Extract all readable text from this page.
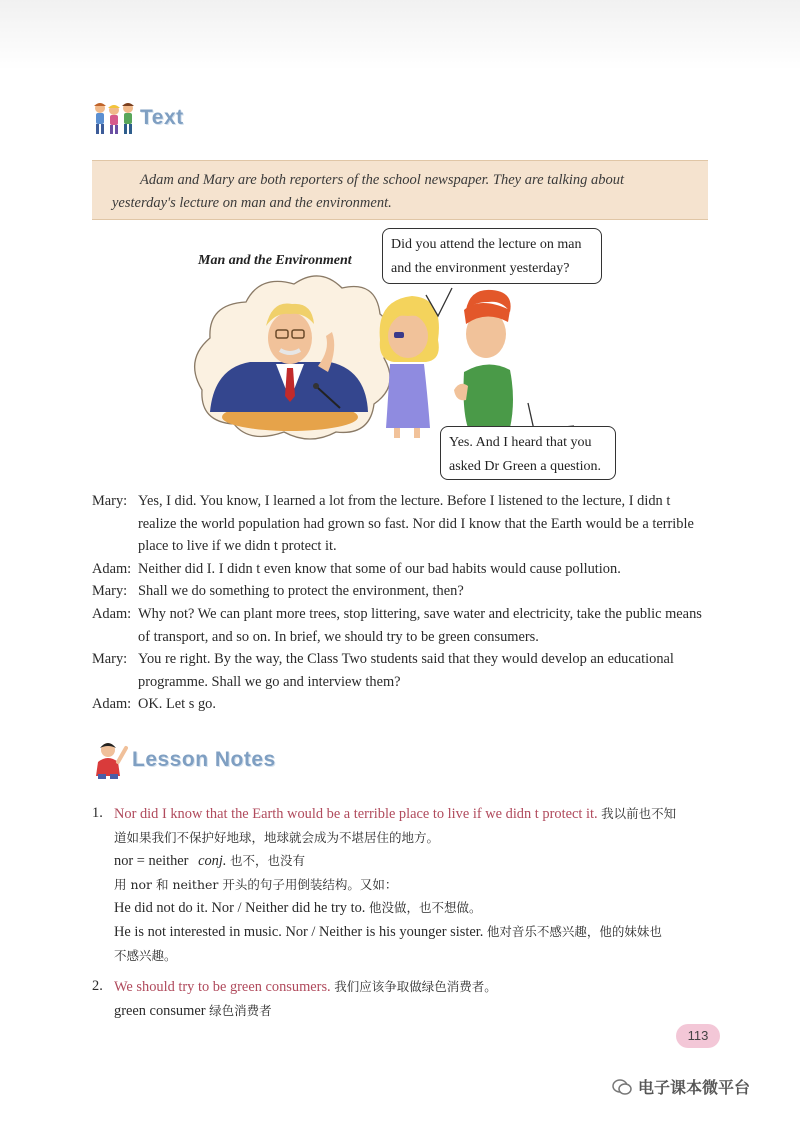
Text

Adam and Mary are both reporters of the school newspaper. They are talking about yesterday's lecture on man and the environment.

Man and the Environment
Did you attend the lecture on man
and the environment yesterday?
Yes. And I heard that you
asked Dr Green a question.
Mary: Yes, I did. You know, I learned a lot from the lecture. Before I listened to the lecture, I didn t
realize the world population had grown so fast. Nor did I know that the Earth would be a terrible
place to live if we didn t protect it.
Adam: Neither did I. I didn t even know that some of our bad habits would cause pollution.
Mary: Shall we do something to protect the environment, then?
Adam: Why not? We can plant more trees, stop littering, save water and electricity, take the public means
of transport, and so on. In brief, we should try to be green consumers.
Mary: You re right. By the way, the Class Two students said that they would develop an educational
programme. Shall we go and interview them?
Adam: OK. Let s go.
Lesson Notes
1. Nor did I know that the Earth would be a terrible place to live if we didn t protect it. 我以前也不知
道如果我们不保护好地球，地球就会成为不堪居住的地方。
nor = neither conj. 也不，也没有
用 nor 和 neither 开头的句子用倒装结构。又如：
He did not do it. Nor / Neither did he try to. 他没做，也不想做。
He is not interested in music. Nor / Neither is his younger sister. 他对音乐不感兴趣，他的妹妹也
不感兴趣。
2. We should try to be green consumers. 我们应该争取做绿色消费者。
green consumer 绿色消费者
113
电子课本微平台
